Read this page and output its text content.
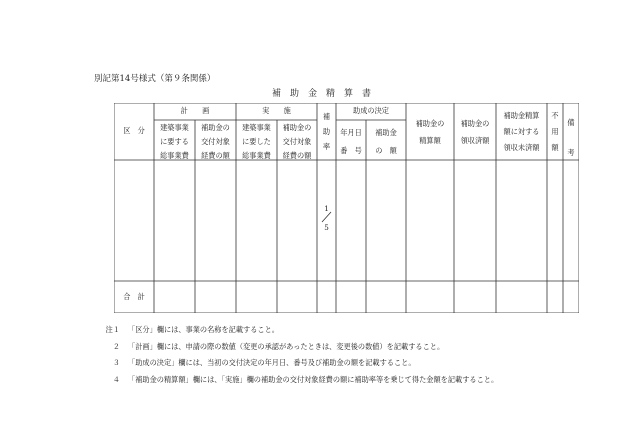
別記第14号様式（第９条関係）
補　助　金　精　算　書
区　分
計　　画	実　　施
建築事業
に要する
総事業費
補助金の
交付対象
経費の額
建築事業
に要した
総事業費
補助金の
交付対象
経費の額
補
助
率
助成の決定
年月日
番　号
補助金
の　額
補助金の
精算額
補助金の
領収済額
補助金精算
額に対する
領収未済額
不
用
額
備
考
1
5
合　計
注１ 「区分」欄には、事業の名称を記載すること。
２ 「計画」欄には、申請の際の数値（変更の承認があったときは、変更後の数値）を記載すること。
３ 「助成の決定」欄には、当初の交付決定の年月日、番号及び補助金の額を記載すること。
４ 「補助金の精算額」欄には、「実施」欄の補助金の交付対象経費の額に補助率等を乗じて得た金額を記載すること。
